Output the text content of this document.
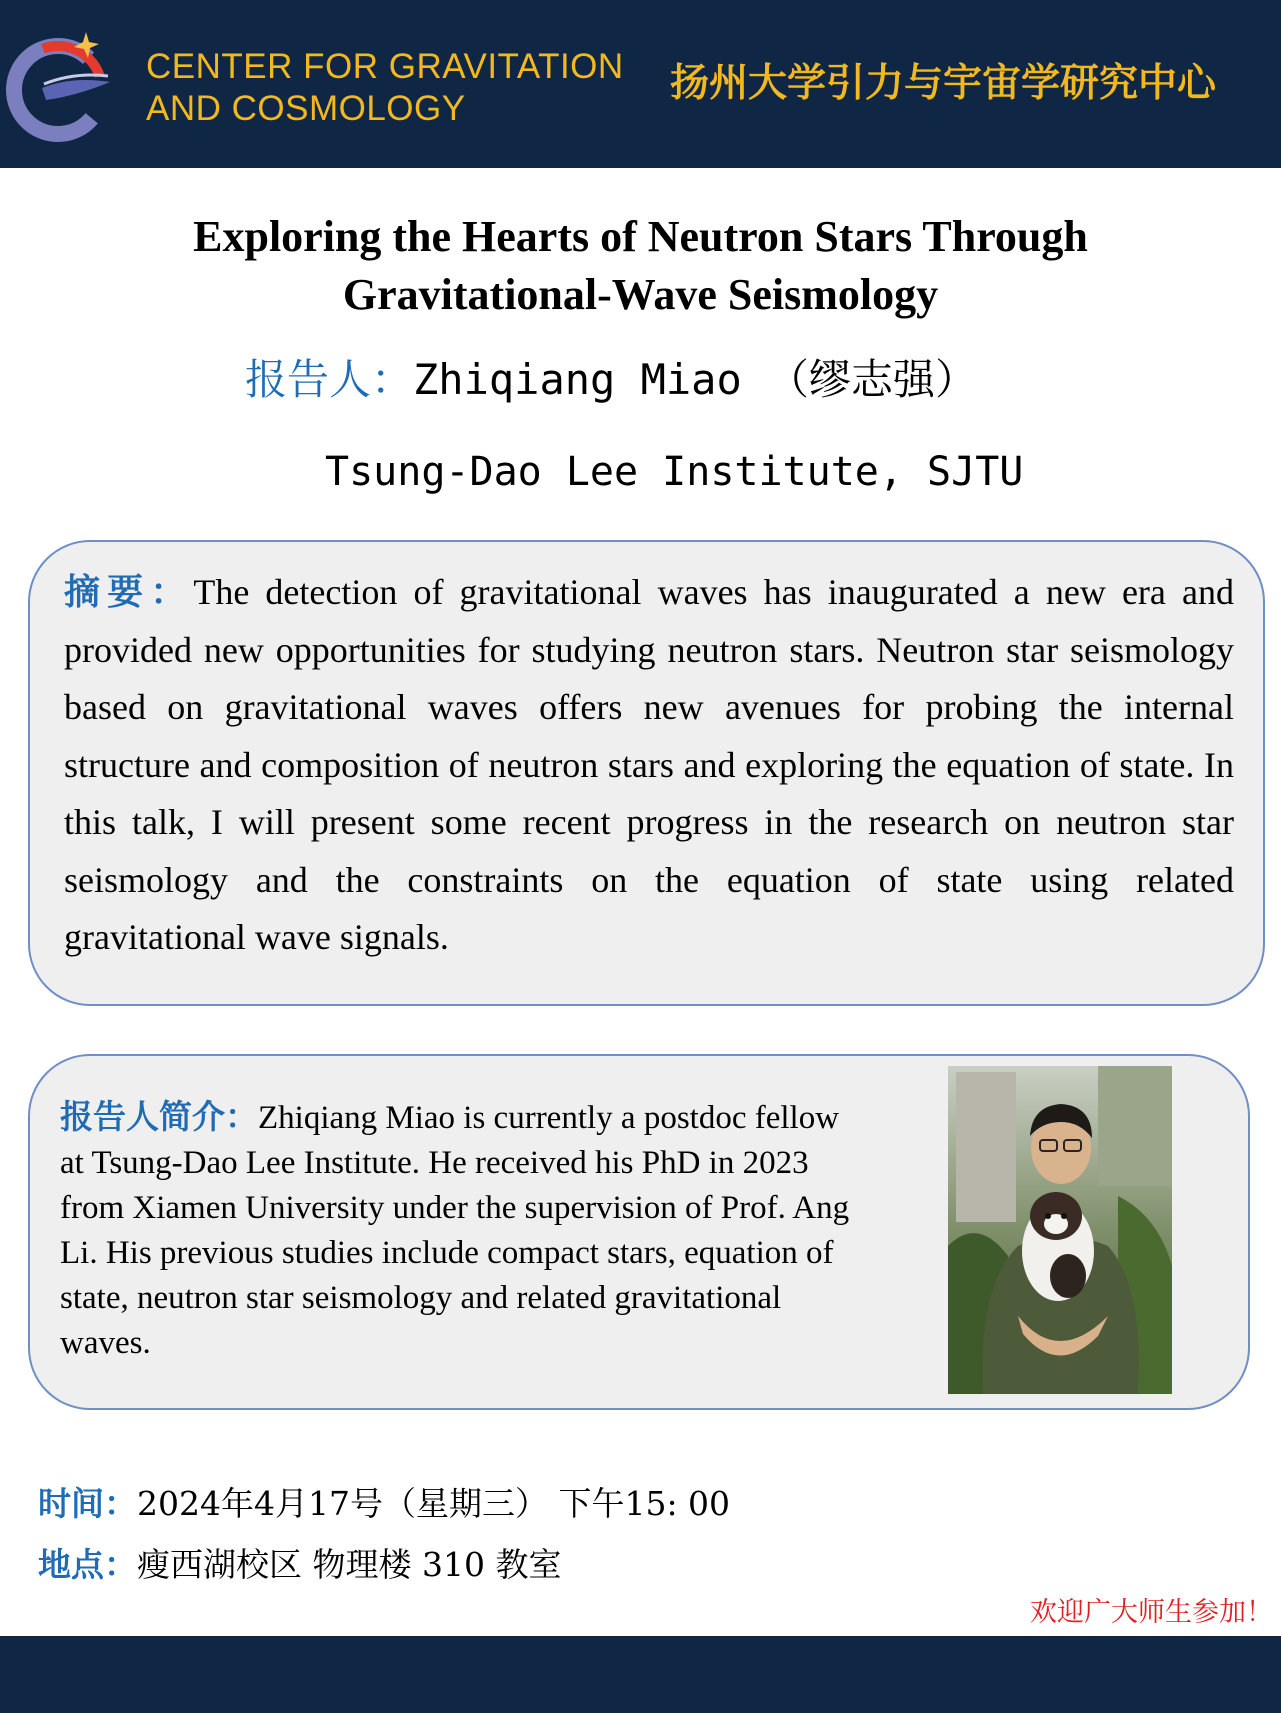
CENTER FOR GRAVITATION
AND COSMOLOGY
扬州大学引力与宇宙学研究中心
Exploring the Hearts of Neutron Stars Through
Gravitational-Wave Seismology
报告人：Zhiqiang Miao （缪志强）
Tsung-Dao Lee Institute, SJTU
摘要：The detection of gravitational waves has inaugurated a new era and provided new opportunities for studying neutron stars. Neutron star seismology based on gravitational waves offers new avenues for probing the internal structure and composition of neutron stars and exploring the equation of state. In this talk, I will present some recent progress in the research on neutron star seismology and the constraints on the equation of state using related gravitational wave signals.
报告人简介：Zhiqiang Miao is currently a postdoc fellow at Tsung-Dao Lee Institute. He received his PhD in 2023 from Xiamen University under the supervision of Prof. Ang Li. His previous studies include compact stars, equation of state, neutron star seismology and related gravitational waves.
时间：2024年4月17号（星期三） 下午15: 00
地点：瘦西湖校区 物理楼 310 教室
欢迎广大师生参加！
